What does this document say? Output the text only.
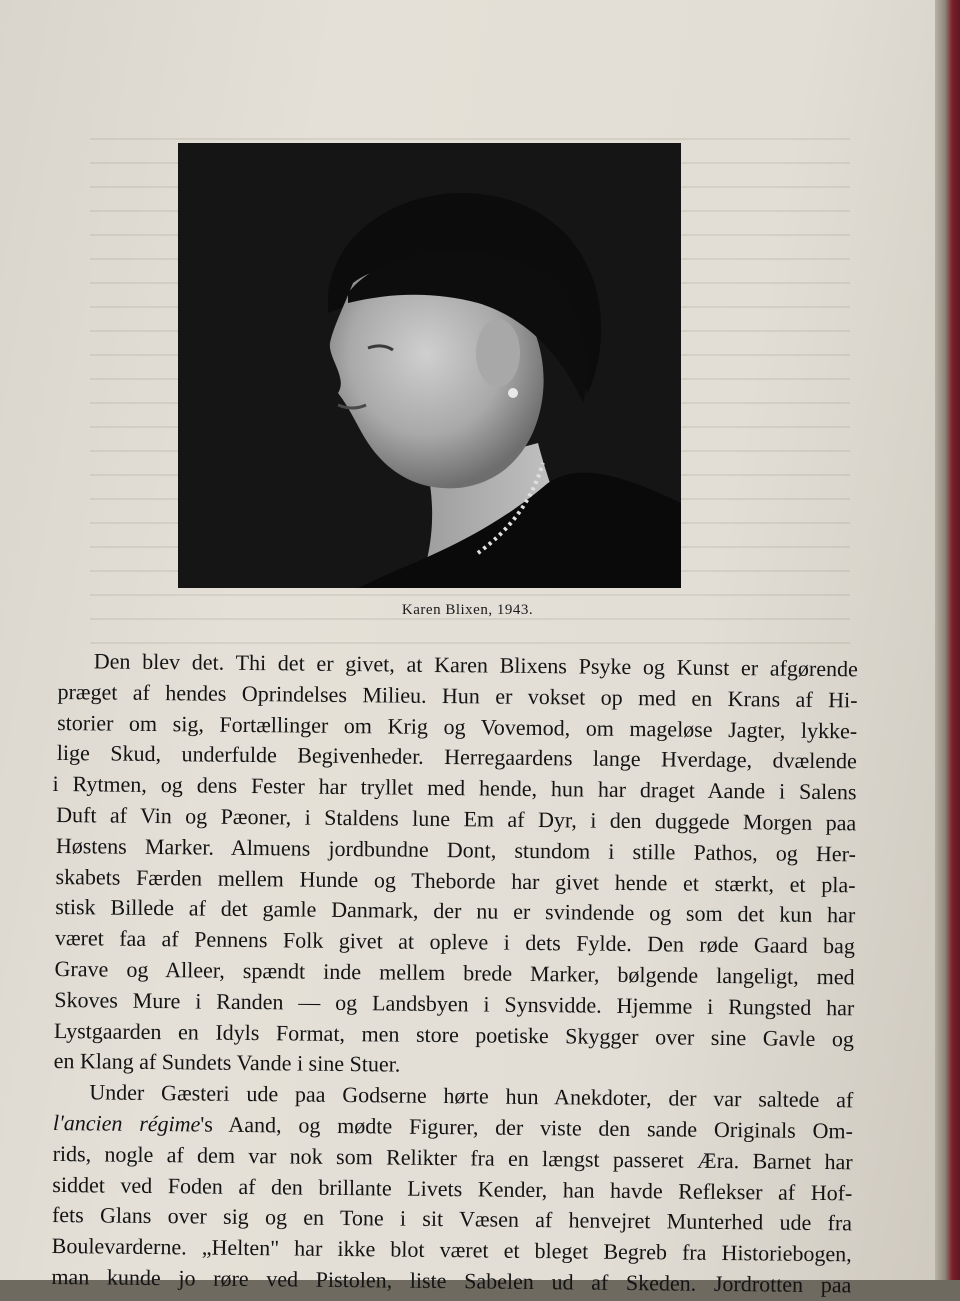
Karen Blixen, 1943.
Den blev det. Thi det er givet, at Karen Blixens Psyke og Kunst er afgørende
præget af hendes Oprindelses Milieu. Hun er vokset op med en Krans af Hi-
storier om sig, Fortællinger om Krig og Vovemod, om mageløse Jagter, lykke-
lige Skud, underfulde Begivenheder. Herregaardens lange Hverdage, dvælende
i Rytmen, og dens Fester har tryllet med hende, hun har draget Aande i Salens
Duft af Vin og Pæoner, i Staldens lune Em af Dyr, i den duggede Morgen paa
Høstens Marker. Almuens jordbundne Dont, stundom i stille Pathos, og Her-
skabets Færden mellem Hunde og Theborde har givet hende et stærkt, et pla-
stisk Billede af det gamle Danmark, der nu er svindende og som det kun har
været faa af Pennens Folk givet at opleve i dets Fylde. Den røde Gaard bag
Grave og Alleer, spændt inde mellem brede Marker, bølgende langeligt, med
Skoves Mure i Randen — og Landsbyen i Synsvidde. Hjemme i Rungsted har
Lystgaarden en Idyls Format, men store poetiske Skygger over sine Gavle og
en Klang af Sundets Vande i sine Stuer.
Under Gæsteri ude paa Godserne hørte hun Anekdoter, der var saltede af
l'ancien régime's Aand, og mødte Figurer, der viste den sande Originals Om-
rids, nogle af dem var nok som Relikter fra en længst passeret Æra. Barnet har
siddet ved Foden af den brillante Livets Kender, han havde Reflekser af Hof-
fets Glans over sig og en Tone i sit Væsen af henvejret Munterhed ude fra
Boulevarderne. „Helten" har ikke blot været et bleget Begreb fra Historiebogen,
man kunde jo røre ved Pistolen, liste Sabelen ud af Skeden. Jordrotten paa
